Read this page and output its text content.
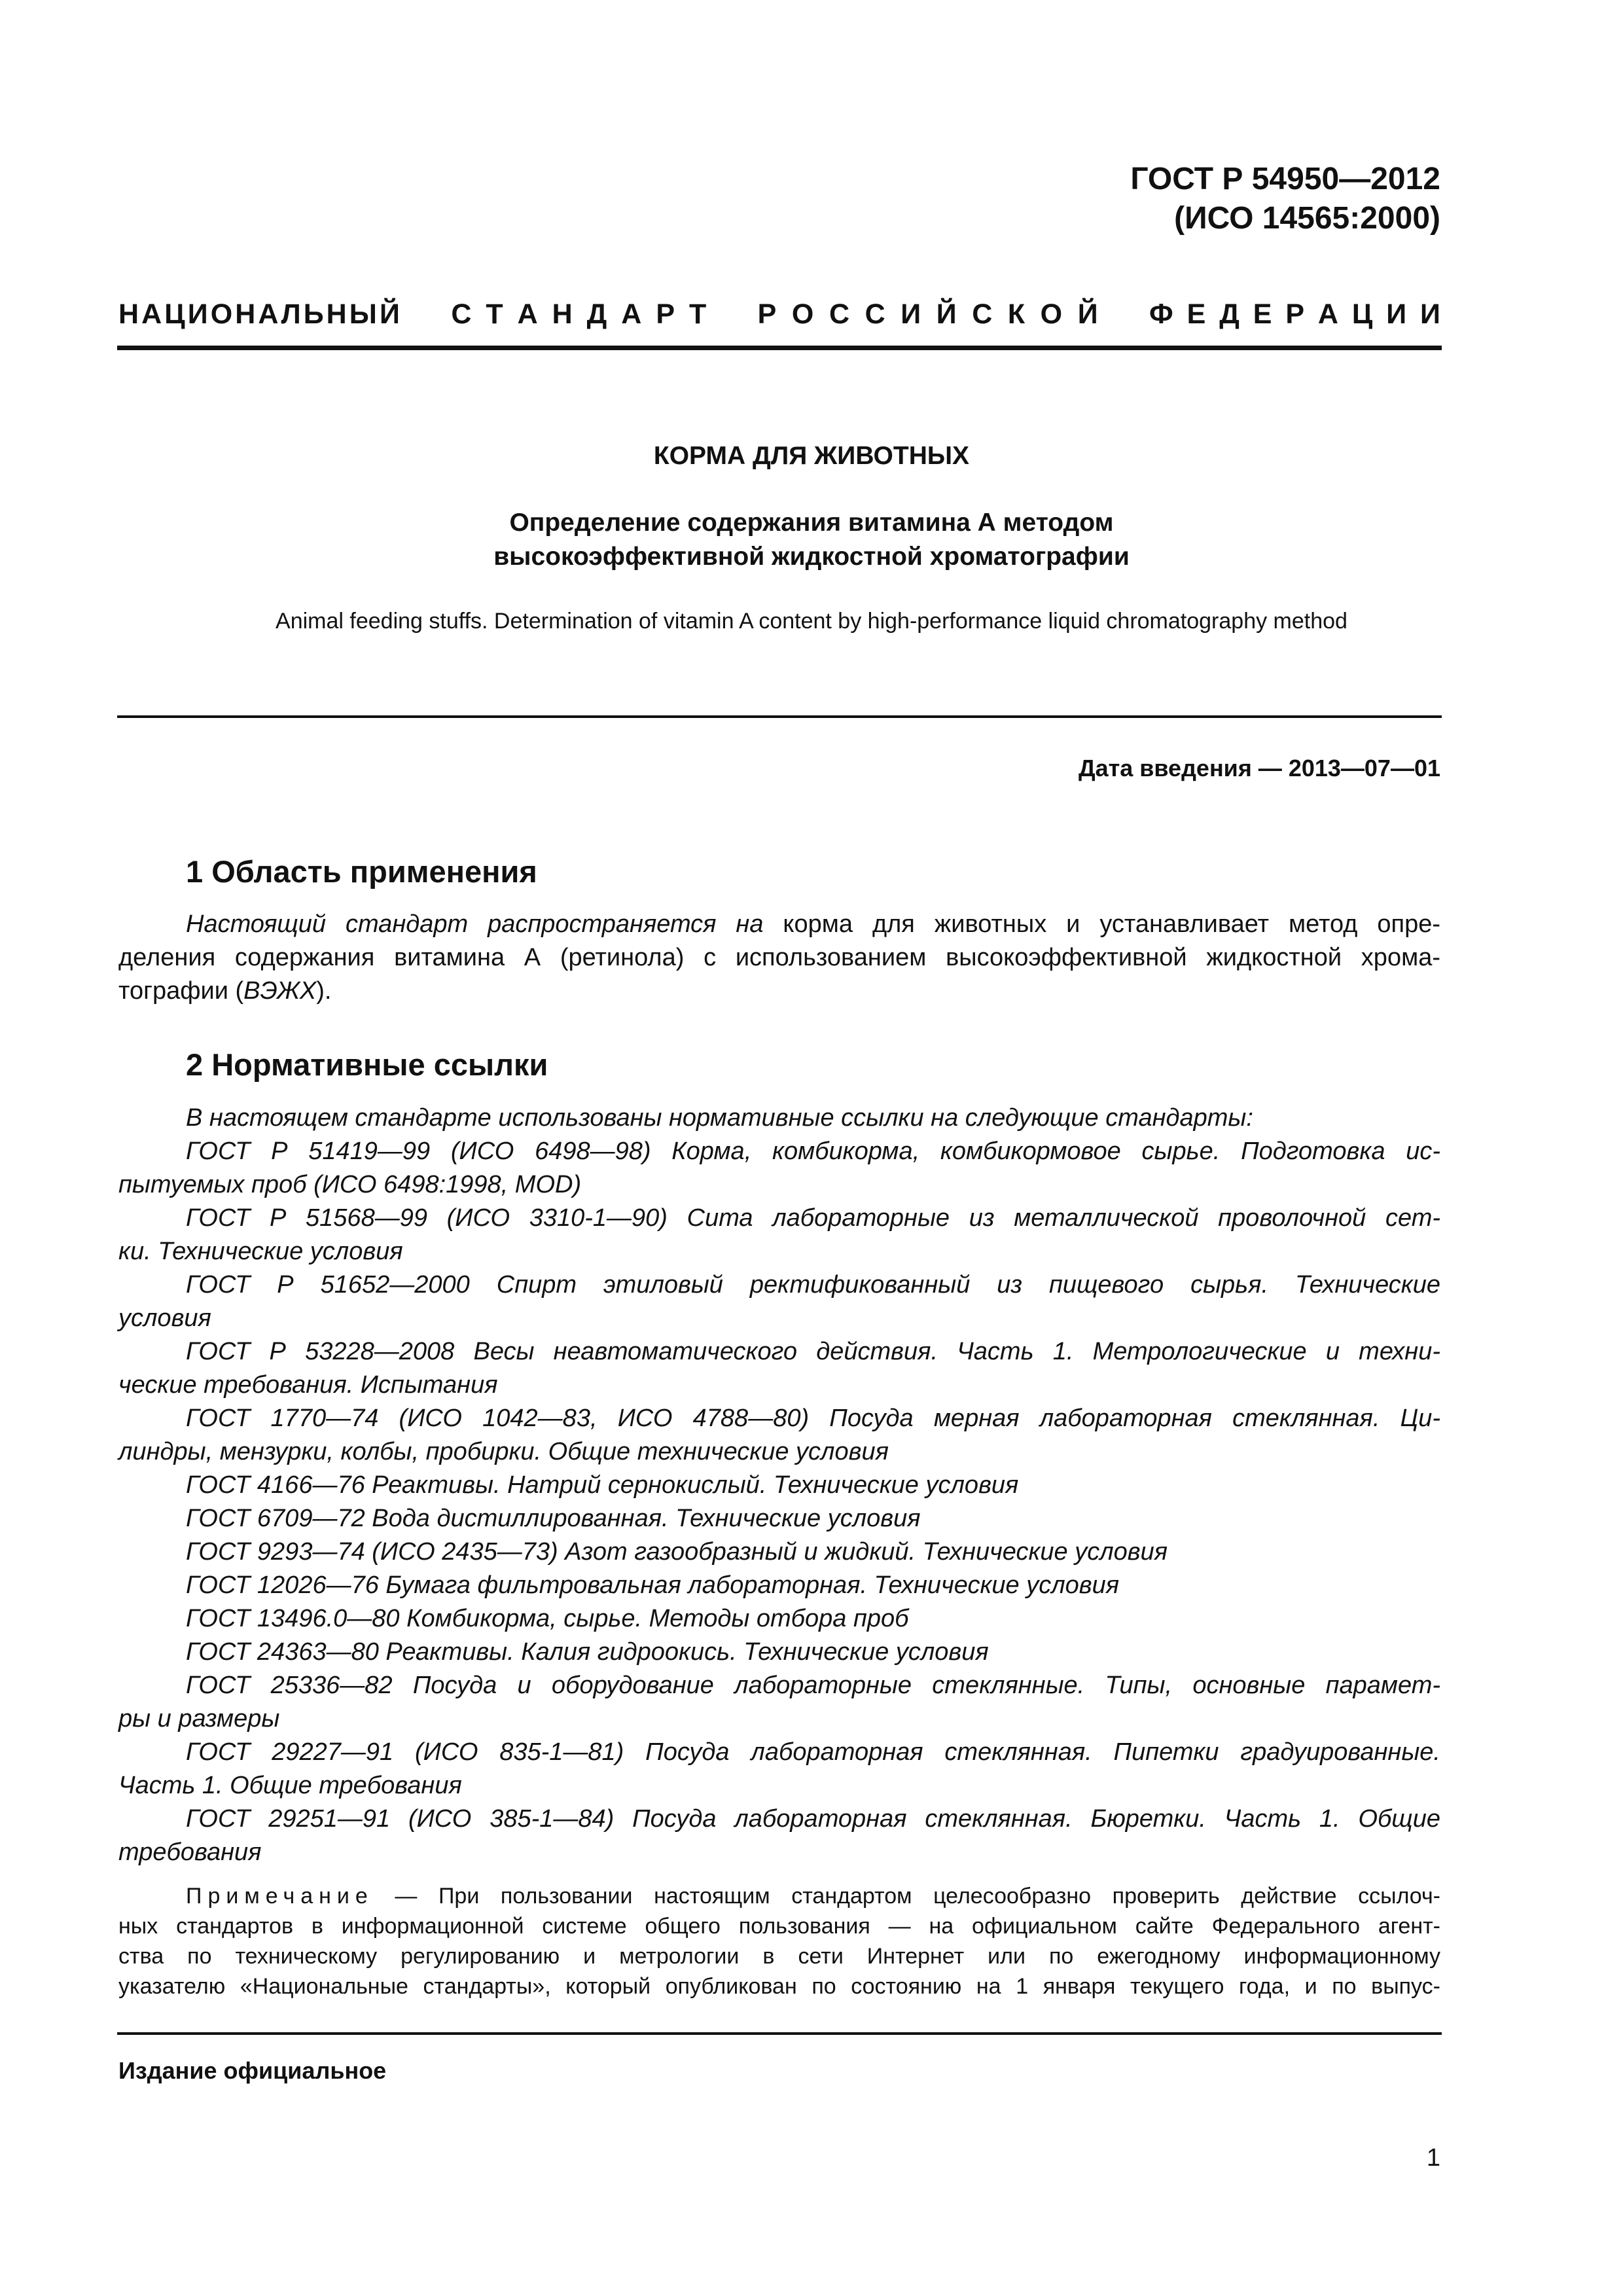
ГОСТ Р 54950—2012
(ИСО 14565:2000)
Н А Ц И О Н А Л Ь Н Ы Й С Т А Н Д А Р Т Р О С С И Й С К О Й Ф Е Д Е Р А Ц И И
КОРМА ДЛЯ ЖИВОТНЫХ
Определение содержания витамина А методом
высокоэффективной жидкостной хроматографии
Animal feeding stuffs. Determination of vitamin A content by high-performance liquid chromatography method
Дата введения — 2013—07—01
1 Область применения
Настоящий стандарт распространяется на корма для животных и устанавливает метод опре-
деления содержания витамина А (ретинола) с использованием высокоэффективной жидкостной хрома-
тографии (ВЭЖХ).
2 Нормативные ссылки
В настоящем стандарте использованы нормативные ссылки на следующие стандарты:
ГОСТ Р 51419—99 (ИСО 6498—98) Корма, комбикорма, комбикормовое сырье. Подготовка ис-
пытуемых проб (ИСО 6498:1998, MOD)
ГОСТ Р 51568—99 (ИСО 3310-1—90) Сита лабораторные из металлической проволочной сет-
ки. Технические условия
ГОСТ Р 51652—2000 Спирт этиловый ректификованный из пищевого сырья. Технические
условия
ГОСТ Р 53228—2008 Весы неавтоматического действия. Часть 1. Метрологические и техни-
ческие требования. Испытания
ГОСТ 1770—74 (ИСО 1042—83, ИСО 4788—80) Посуда мерная лабораторная стеклянная. Ци-
линдры, мензурки, колбы, пробирки. Общие технические условия
ГОСТ 4166—76 Реактивы. Натрий сернокислый. Технические условия
ГОСТ 6709—72 Вода дистиллированная. Технические условия
ГОСТ 9293—74 (ИСО 2435—73) Азот газообразный и жидкий. Технические условия
ГОСТ 12026—76 Бумага фильтровальная лабораторная. Технические условия
ГОСТ 13496.0—80 Комбикорма, сырье. Методы отбора проб
ГОСТ 24363—80 Реактивы. Калия гидроокись. Технические условия
ГОСТ 25336—82 Посуда и оборудование лабораторные стеклянные. Типы, основные парамет-
ры и размеры
ГОСТ 29227—91 (ИСО 835-1—81) Посуда лабораторная стеклянная. Пипетки градуированные.
Часть 1. Общие требования
ГОСТ 29251—91 (ИСО 385-1—84) Посуда лабораторная стеклянная. Бюретки. Часть 1. Общие
требования
Примечание — При пользовании настоящим стандартом целесообразно проверить действие ссылоч-
ных стандартов в информационной системе общего пользования — на официальном сайте Федерального агент-
ства по техническому регулированию и метрологии в сети Интернет или по ежегодному информационному
указателю «Национальные стандарты», который опубликован по состоянию на 1 января текущего года, и по выпус-
Издание официальное
1
